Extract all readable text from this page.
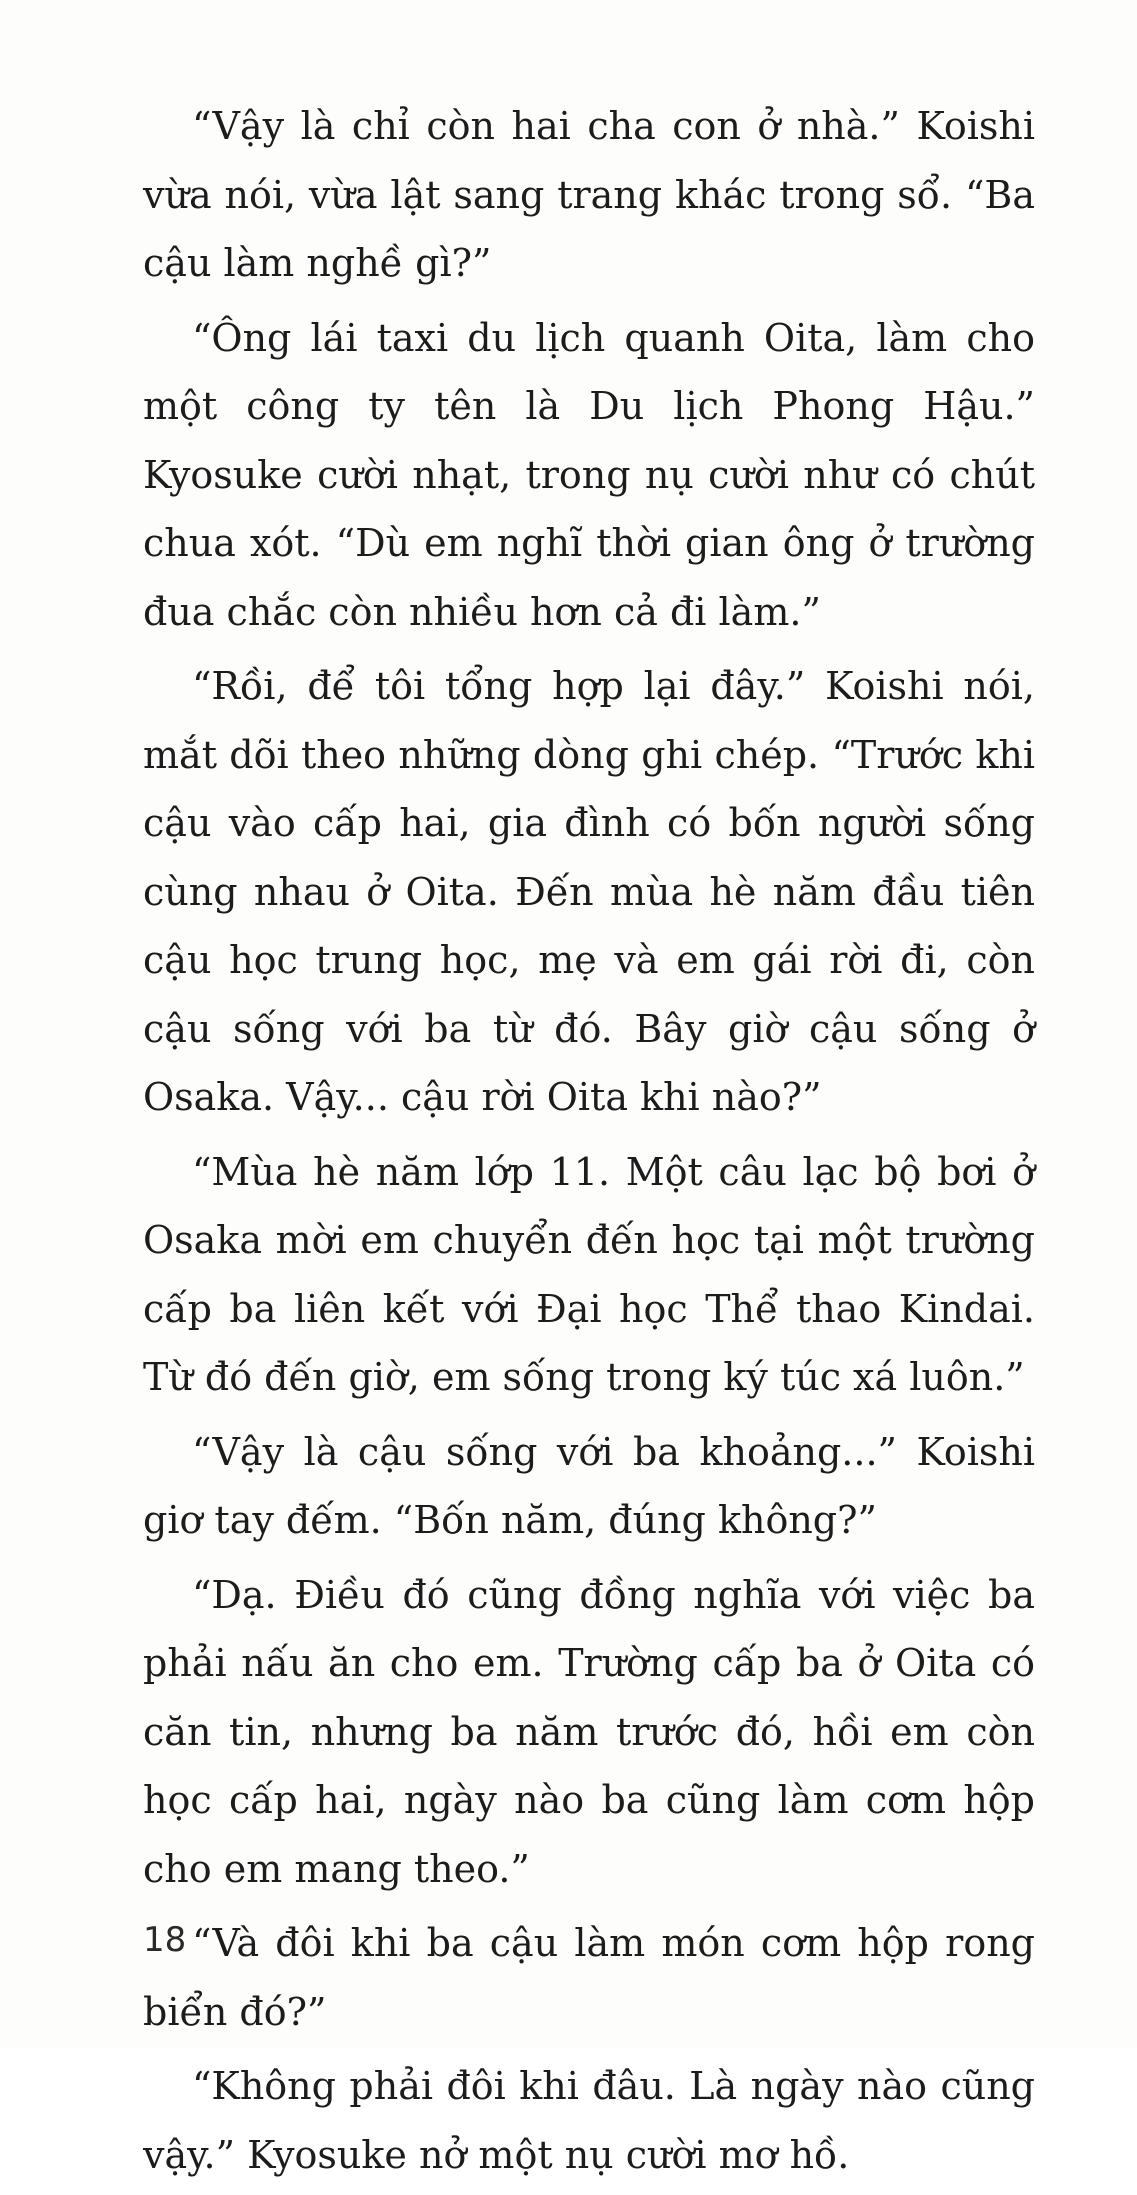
“Vậy là chỉ còn hai cha con ở nhà.” Koishi vừa nói, vừa lật sang trang khác trong sổ. “Ba cậu làm nghề gì?”

“Ông lái taxi du lịch quanh Oita, làm cho một công ty tên là Du lịch Phong Hậu.” Kyosuke cười nhạt, trong nụ cười như có chút chua xót. “Dù em nghĩ thời gian ông ở trường đua chắc còn nhiều hơn cả đi làm.”

“Rồi, để tôi tổng hợp lại đây.” Koishi nói, mắt dõi theo những dòng ghi chép. “Trước khi cậu vào cấp hai, gia đình có bốn người sống cùng nhau ở Oita. Đến mùa hè năm đầu tiên cậu học trung học, mẹ và em gái rời đi, còn cậu sống với ba từ đó. Bây giờ cậu sống ở Osaka. Vậy... cậu rời Oita khi nào?”

“Mùa hè năm lớp 11. Một câu lạc bộ bơi ở Osaka mời em chuyển đến học tại một trường cấp ba liên kết với Đại học Thể thao Kindai. Từ đó đến giờ, em sống trong ký túc xá luôn.”

“Vậy là cậu sống với ba khoảng...” Koishi giơ tay đếm. “Bốn năm, đúng không?”

“Dạ. Điều đó cũng đồng nghĩa với việc ba phải nấu ăn cho em. Trường cấp ba ở Oita có căn tin, nhưng ba năm trước đó, hồi em còn học cấp hai, ngày nào ba cũng làm cơm hộp cho em mang theo.”

“Và đôi khi ba cậu làm món cơm hộp rong biển đó?”

“Không phải đôi khi đâu. Là ngày nào cũng vậy.” Kyosuke nở một nụ cười mơ hồ.

18
